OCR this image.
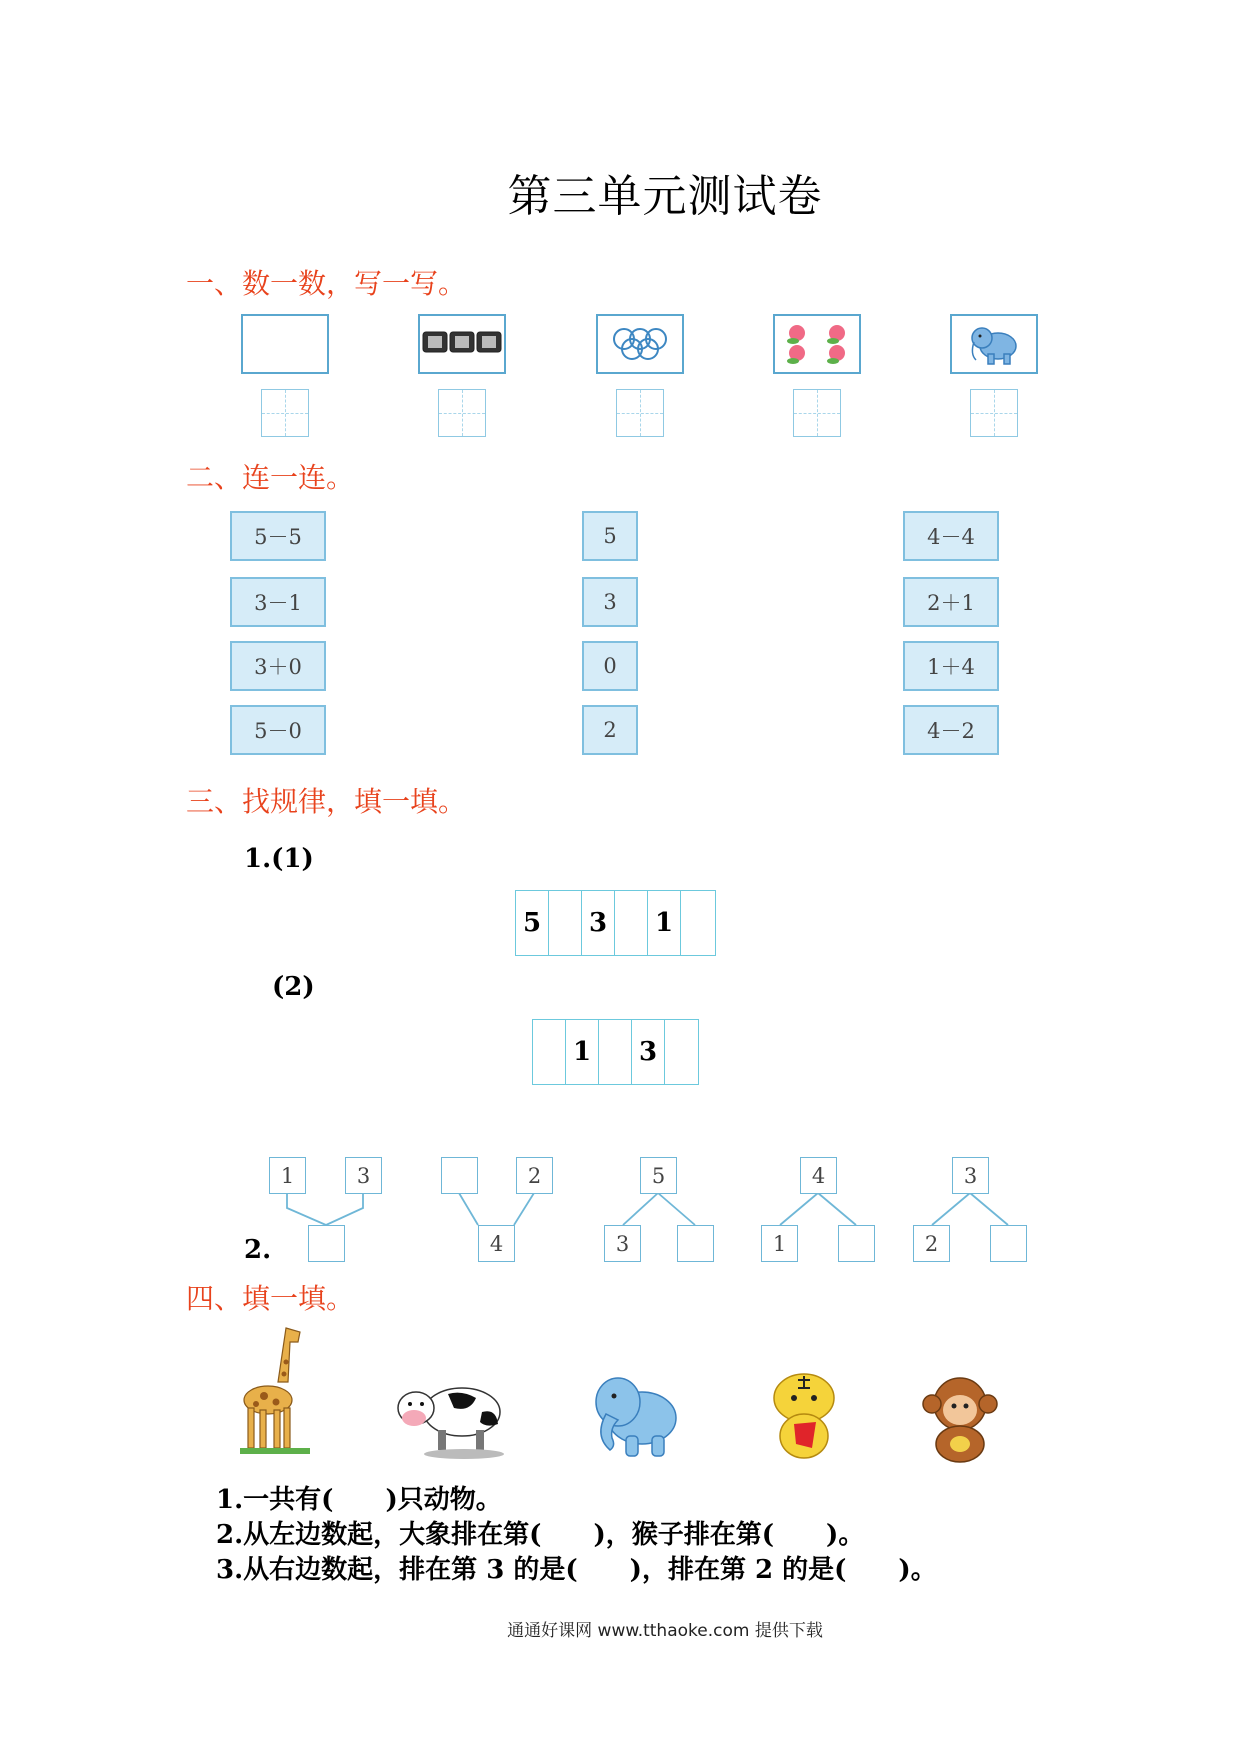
第三单元测试卷
一、数一数，写一写。
二、连一连。
5－5
3－1
3＋0
5－0
5
3
0
2
4－4
2＋1
1＋4
4－2
三、找规律，填一填。
1.(1)
5	3	1
(2)
1	3
1	3	2
4
5
3
4
1
3
2
2.
四、填一填。
1.一共有(　　)只动物。
2.从左边数起，大象排在第(　　)，猴子排在第(　　)。
3.从右边数起，排在第 3 的是(　　)，排在第 2 的是(　　)。
通通好课网 www.tthaoke.com 提供下载
